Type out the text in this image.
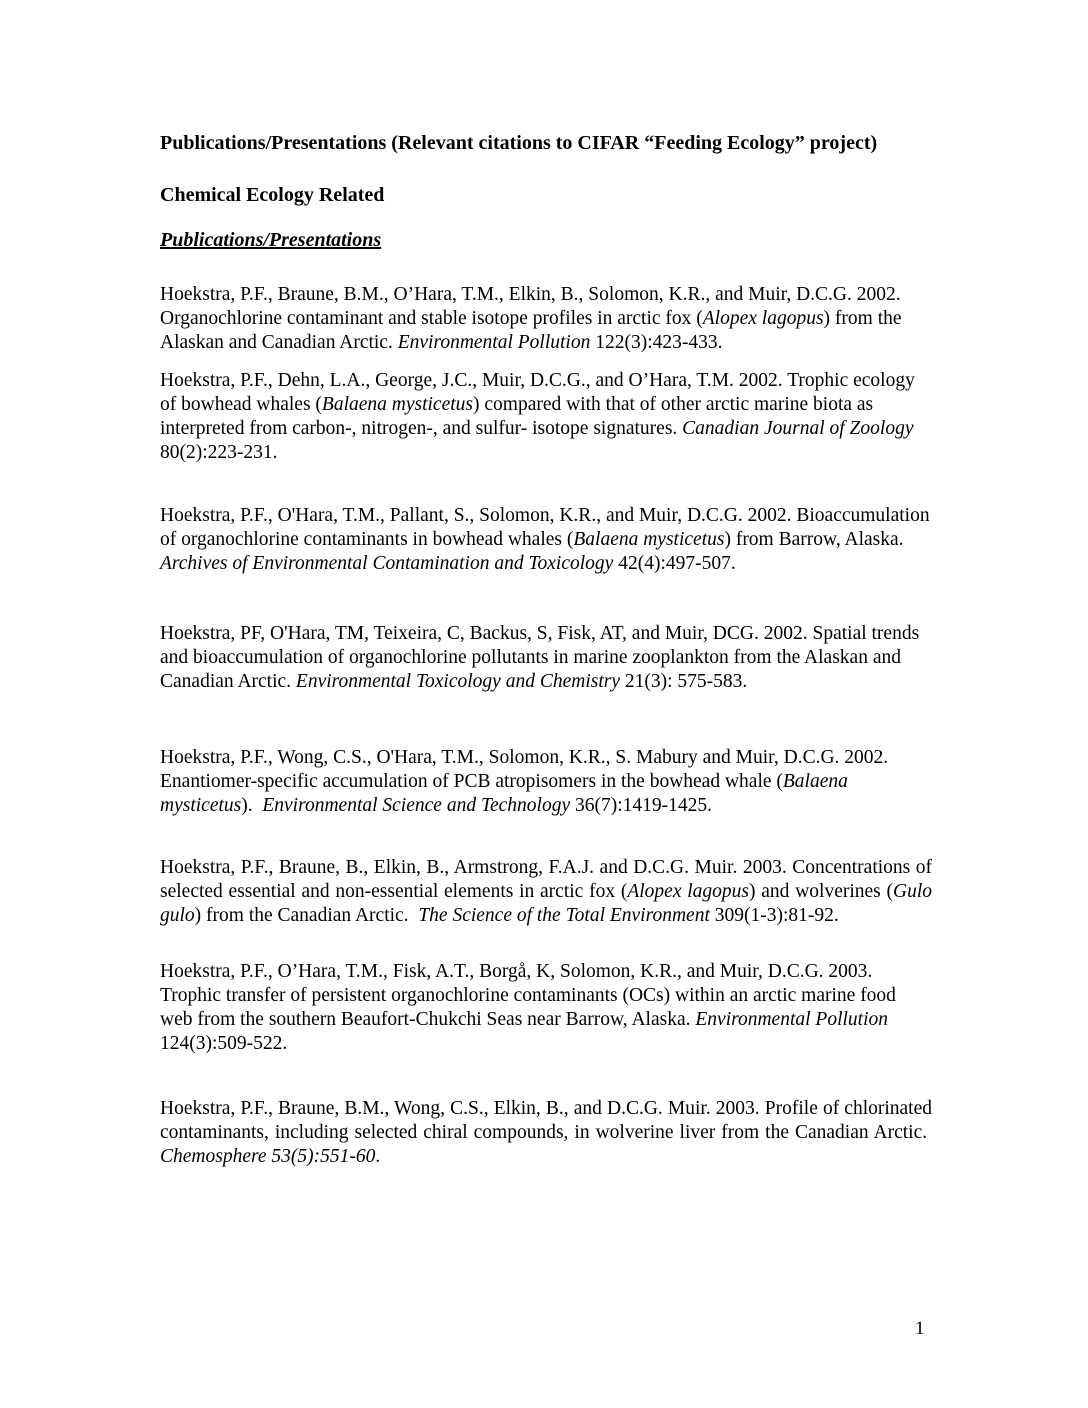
Publications/Presentations (Relevant citations to CIFAR “Feeding Ecology” project)

Chemical Ecology Related

Publications/Presentations

Hoekstra, P.F., Braune, B.M., O’Hara, T.M., Elkin, B., Solomon, K.R., and Muir, D.C.G. 2002. Organochlorine contaminant and stable isotope profiles in arctic fox (Alopex lagopus) from the Alaskan and Canadian Arctic. Environmental Pollution 122(3):423-433.

Hoekstra, P.F., Dehn, L.A., George, J.C., Muir, D.C.G., and O’Hara, T.M. 2002. Trophic ecology of bowhead whales (Balaena mysticetus) compared with that of other arctic marine biota as interpreted from carbon-, nitrogen-, and sulfur- isotope signatures. Canadian Journal of Zoology 80(2):223-231.

Hoekstra, P.F., O'Hara, T.M., Pallant, S., Solomon, K.R., and Muir, D.C.G. 2002. Bioaccumulation of organochlorine contaminants in bowhead whales (Balaena mysticetus) from Barrow, Alaska. Archives of Environmental Contamination and Toxicology 42(4):497-507.

Hoekstra, PF, O'Hara, TM, Teixeira, C, Backus, S, Fisk, AT, and Muir, DCG. 2002. Spatial trends and bioaccumulation of organochlorine pollutants in marine zooplankton from the Alaskan and Canadian Arctic. Environmental Toxicology and Chemistry 21(3): 575-583.

Hoekstra, P.F., Wong, C.S., O'Hara, T.M., Solomon, K.R., S. Mabury and Muir, D.C.G. 2002. Enantiomer-specific accumulation of PCB atropisomers in the bowhead whale (Balaena mysticetus).  Environmental Science and Technology 36(7):1419-1425.

Hoekstra, P.F., Braune, B., Elkin, B., Armstrong, F.A.J. and D.C.G. Muir. 2003. Concentrations of selected essential and non-essential elements in arctic fox (Alopex lagopus) and wolverines (Gulo gulo) from the Canadian Arctic.  The Science of the Total Environment 309(1-3):81-92.

Hoekstra, P.F., O’Hara, T.M., Fisk, A.T., Borgå, K, Solomon, K.R., and Muir, D.C.G. 2003. Trophic transfer of persistent organochlorine contaminants (OCs) within an arctic marine food web from the southern Beaufort-Chukchi Seas near Barrow, Alaska. Environmental Pollution 124(3):509-522.

Hoekstra, P.F., Braune, B.M., Wong, C.S., Elkin, B., and D.C.G. Muir. 2003. Profile of chlorinated contaminants, including selected chiral compounds, in wolverine liver from the Canadian Arctic.  Chemosphere 53(5):551-60.

1
